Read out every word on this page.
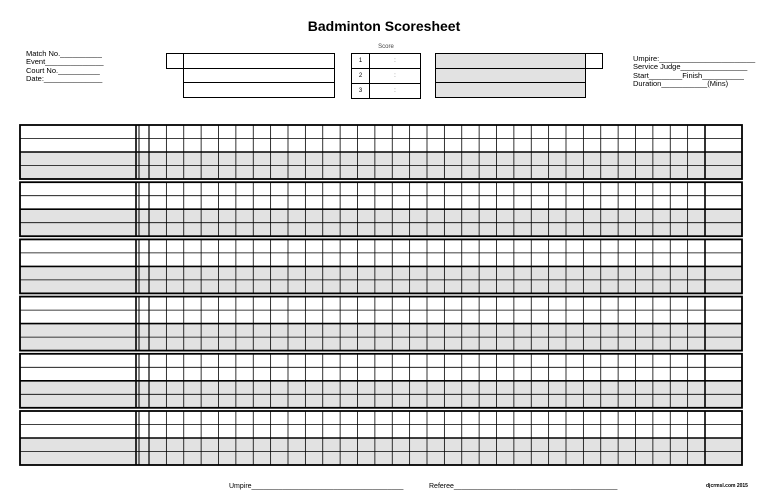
Badminton Scoresheet
Match No.__________
Event______________
Court No.__________
Date:______________
Score
1
2
3
:
:
:
Umpire:_______________________
Service Judge________________
Start________Finish__________
Duration___________(Mins)
Umpire_______________________________________	Referee__________________________________________	djcrmsl.com 2015
